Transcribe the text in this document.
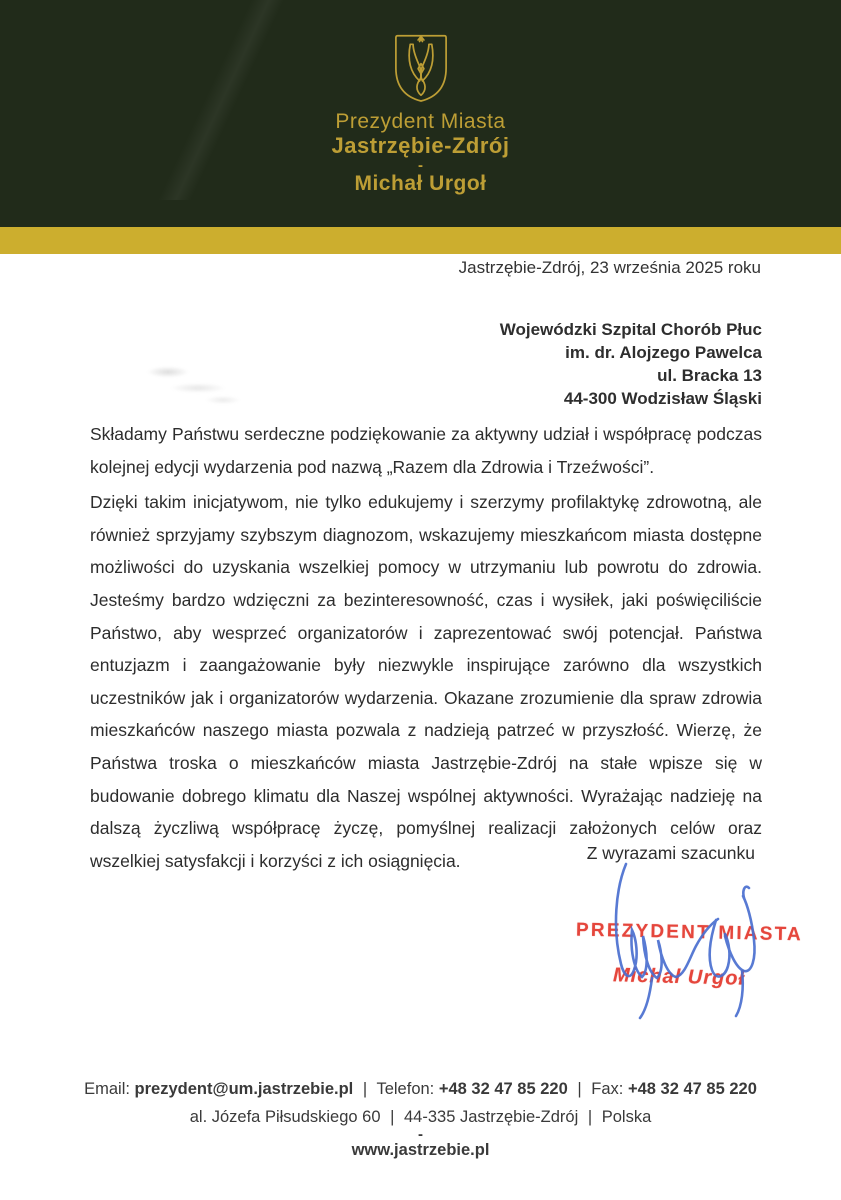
Prezydent Miasta
Jastrzębie-Zdrój
-
Michał Urgoł
Jastrzębie-Zdrój, 23 września 2025 roku
Wojewódzki Szpital Chorób Płuc
im. dr. Alojzego Pawelca
ul. Bracka 13
44-300 Wodzisław Śląski

Składamy Państwu serdeczne podziękowanie za aktywny udział i współpracę podczas kolejnej edycji wydarzenia pod nazwą „Razem dla Zdrowia i Trzeźwości”.

Dzięki takim inicjatywom, nie tylko edukujemy i szerzymy profilaktykę zdrowotną, ale również sprzyjamy szybszym diagnozom, wskazujemy mieszkańcom miasta dostępne możliwości do uzyskania wszelkiej pomocy w utrzymaniu lub powrotu do zdrowia. Jesteśmy bardzo wdzięczni za bezinteresowność, czas i wysiłek, jaki poświęciliście Państwo, aby wesprzeć organizatorów i zaprezentować swój potencjał. Państwa entuzjazm i zaangażowanie były niezwykle inspirujące zarówno dla wszystkich uczestników jak i organizatorów wydarzenia. Okazane zrozumienie dla spraw zdrowia mieszkańców naszego miasta pozwala z nadzieją patrzeć w przyszłość. Wierzę, że Państwa troska o mieszkańców miasta Jastrzębie-Zdrój na stałe wpisze się w budowanie dobrego klimatu dla Naszej wspólnej aktywności. Wyrażając nadzieję na dalszą życzliwą współpracę życzę, pomyślnej realizacji założonych celów oraz wszelkiej satysfakcji i korzyści z ich osiągnięcia.	Z wyrazami szacunku
PREZYDENT MIASTA
Michał Urgoł
Email: prezydent@um.jastrzebie.pl | Telefon: +48 32 47 85 220 | Fax: +48 32 47 85 220
al. Józefa Piłsudskiego 60 | 44-335 Jastrzębie-Zdrój | Polska
-
www.jastrzebie.pl
